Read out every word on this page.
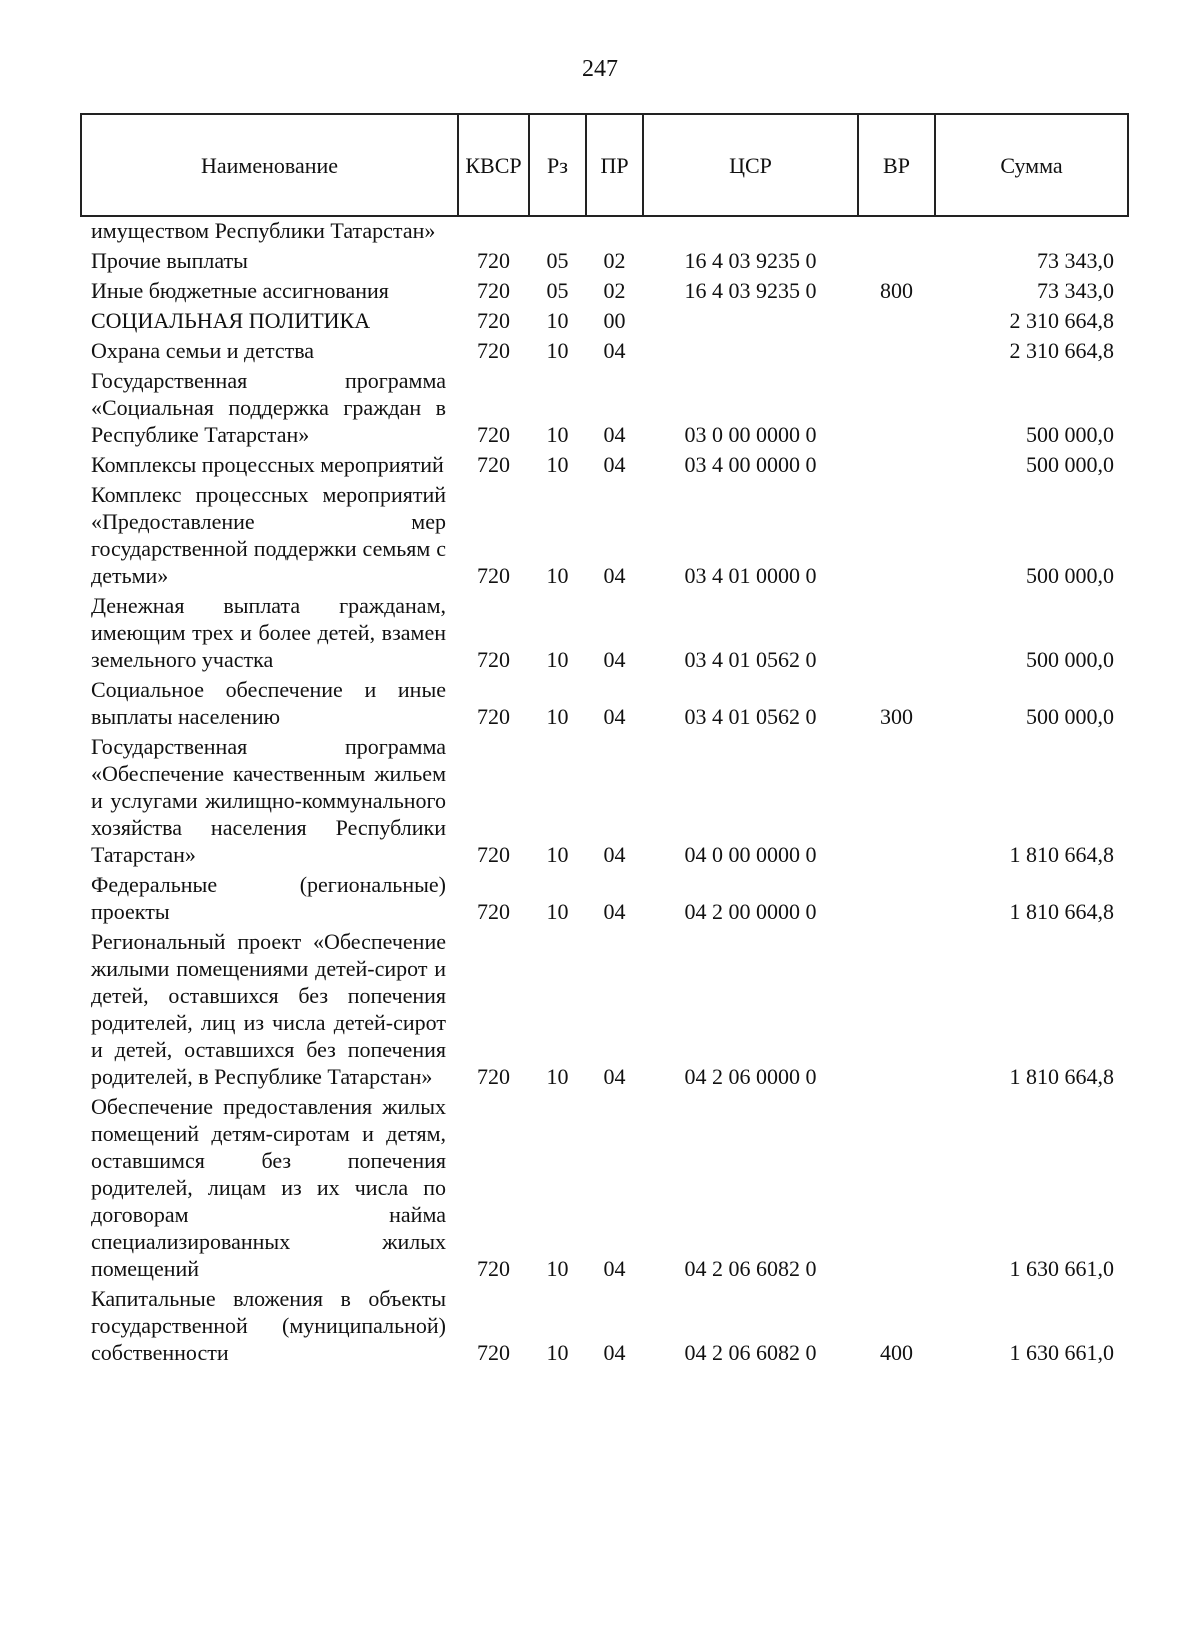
247
Наименование	КВСР	Рз	ПР	ЦСР	ВР	Сумма
имуществом Республики Татарстан»						
Прочие выплаты	720	05	02	16 4 03 9235 0		73 343,0
Иные бюджетные ассигнования	720	05	02	16 4 03 9235 0	800	73 343,0
СОЦИАЛЬНАЯ ПОЛИТИКА	720	10	00			2 310 664,8
Охрана семьи и детства	720	10	04			2 310 664,8
Государственная программа «Социальная поддержка граждан в Республике Татарстан»	720	10	04	03 0 00 0000 0		500 000,0
Комплексы процессных мероприятий	720	10	04	03 4 00 0000 0		500 000,0
Комплекс процессных мероприятий «Предоставление мер государственной поддержки семьям с детьми»	720	10	04	03 4 01 0000 0		500 000,0
Денежная выплата гражданам, имеющим трех и более детей, взамен земельного участка	720	10	04	03 4 01 0562 0		500 000,0
Социальное обеспечение и иные выплаты населению	720	10	04	03 4 01 0562 0	300	500 000,0
Государственная программа «Обеспечение качественным жильем и услугами жилищно-коммунального хозяйства населения Республики Татарстан»	720	10	04	04 0 00 0000 0		1 810 664,8
Федеральные (региональные) проекты	720	10	04	04 2 00 0000 0		1 810 664,8
Региональный проект «Обеспечение жилыми помещениями детей-сирот и детей, оставшихся без попечения родителей, лиц из числа детей-сирот и детей, оставшихся без попечения родителей, в Республике Татарстан»	720	10	04	04 2 06 0000 0		1 810 664,8
Обеспечение предоставления жилых помещений детям-сиротам и детям, оставшимся без попечения родителей, лицам из их числа по договорам найма специализированных жилых помещений	720	10	04	04 2 06 6082 0		1 630 661,0
Капитальные вложения в объекты государственной (муниципальной) собственности	720	10	04	04 2 06 6082 0	400	1 630 661,0
